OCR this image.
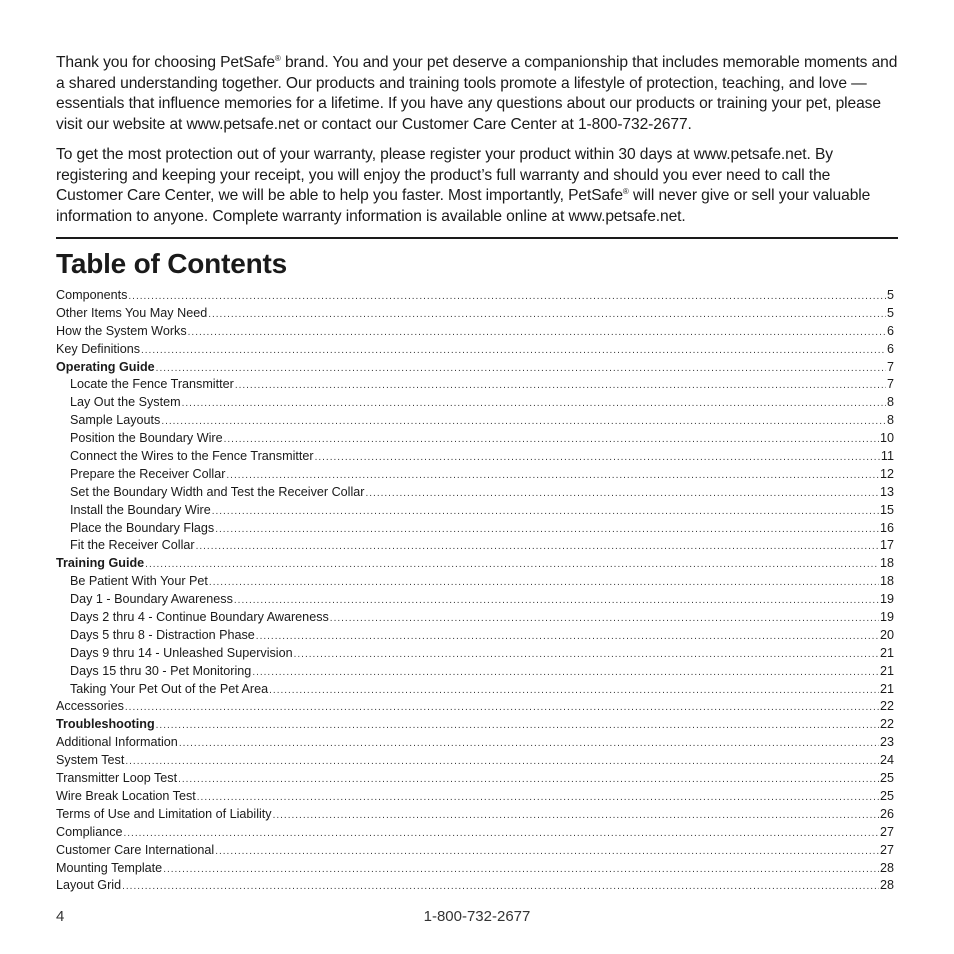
Thank you for choosing PetSafe® brand. You and your pet deserve a companionship that includes memorable moments and a shared understanding together. Our products and training tools promote a lifestyle of protection, teaching, and love — essentials that influence memories for a lifetime. If you have any questions about our products or training your pet, please visit our website at www.petsafe.net or contact our Customer Care Center at 1-800-732-2677.

To get the most protection out of your warranty, please register your product within 30 days at www.petsafe.net. By registering and keeping your receipt, you will enjoy the product’s full warranty and should you ever need to call the Customer Care Center, we will be able to help you faster. Most importantly, PetSafe® will never give or sell your valuable information to anyone. Complete warranty information is available online at www.petsafe.net.

Table of Contents
Components .....	5
Other Items You May Need .....	5
How the System Works .....	6
Key Definitions .....	6
Operating Guide .....	7
Locate the Fence Transmitter .....	7
Lay Out the System .....	8
Sample Layouts .....	8
Position the Boundary Wire .....	10
Connect the Wires to the Fence Transmitter .....	11
Prepare the Receiver Collar .....	12
Set the Boundary Width and Test the Receiver Collar .....	13
Install the Boundary Wire .....	15
Place the Boundary Flags .....	16
Fit the Receiver Collar .....	17
Training Guide .....	18
Be Patient With Your Pet .....	18
Day 1 - Boundary Awareness .....	19
Days 2 thru 4 - Continue Boundary Awareness .....	19
Days 5 thru 8 - Distraction Phase .....	20
Days 9 thru 14 - Unleashed Supervision .....	21
Days 15 thru 30 - Pet Monitoring .....	21
Taking Your Pet Out of the Pet Area .....	21
Accessories .....	22
Troubleshooting .....	22
Additional Information .....	23
System Test .....	24
Transmitter Loop Test .....	25
Wire Break Location Test .....	25
Terms of Use and Limitation of Liability .....	26
Compliance .....	27
Customer Care International .....	27
Mounting Template .....	28
Layout Grid .....	28
4	1-800-732-2677
